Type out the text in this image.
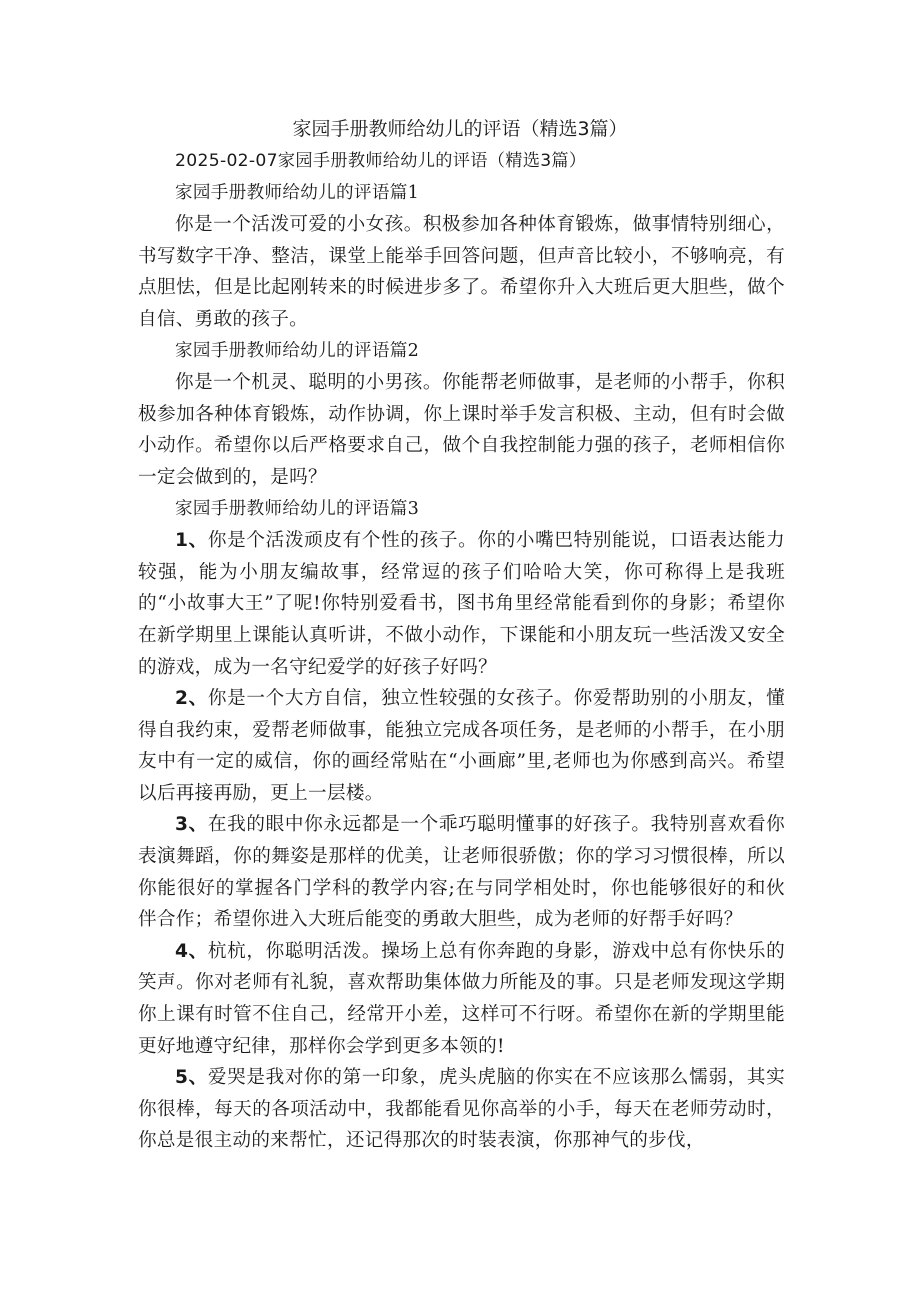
家园手册教师给幼儿的评语（精选3篇）

2025-02-07家园手册教师给幼儿的评语（精选3篇）

家园手册教师给幼儿的评语篇1

你是一个活泼可爱的小女孩。积极参加各种体育锻炼，做事情特别细心，书写数字干净、整洁，课堂上能举手回答问题，但声音比较小，不够响亮，有点胆怯，但是比起刚转来的时候进步多了。希望你升入大班后更大胆些，做个自信、勇敢的孩子。

家园手册教师给幼儿的评语篇2

你是一个机灵、聪明的小男孩。你能帮老师做事，是老师的小帮手，你积极参加各种体育锻炼，动作协调，你上课时举手发言积极、主动，但有时会做小动作。希望你以后严格要求自己，做个自我控制能力强的孩子，老师相信你一定会做到的，是吗？

家园手册教师给幼儿的评语篇3

1、你是个活泼顽皮有个性的孩子。你的小嘴巴特别能说，口语表达能力较强，能为小朋友编故事，经常逗的孩子们哈哈大笑，你可称得上是我班的“小故事大王”了呢!你特别爱看书，图书角里经常能看到你的身影；希望你在新学期里上课能认真听讲，不做小动作，下课能和小朋友玩一些活泼又安全的游戏，成为一名守纪爱学的好孩子好吗？

2、你是一个大方自信，独立性较强的女孩子。你爱帮助别的小朋友，懂得自我约束，爱帮老师做事，能独立完成各项任务，是老师的小帮手，在小朋友中有一定的威信，你的画经常贴在“小画廊”里,老师也为你感到高兴。希望以后再接再励，更上一层楼。

3、在我的眼中你永远都是一个乖巧聪明懂事的好孩子。我特别喜欢看你表演舞蹈，你的舞姿是那样的优美，让老师很骄傲；你的学习习惯很棒，所以你能很好的掌握各门学科的教学内容;在与同学相处时，你也能够很好的和伙伴合作；希望你进入大班后能变的勇敢大胆些，成为老师的好帮手好吗？

4、杭杭，你聪明活泼。操场上总有你奔跑的身影，游戏中总有你快乐的笑声。你对老师有礼貌，喜欢帮助集体做力所能及的事。只是老师发现这学期你上课有时管不住自己，经常开小差，这样可不行呀。希望你在新的学期里能更好地遵守纪律，那样你会学到更多本领的!

5、爱哭是我对你的第一印象，虎头虎脑的你实在不应该那么懦弱，其实你很棒，每天的各项活动中，我都能看见你高举的小手，每天在老师劳动时，你总是很主动的来帮忙，还记得那次的时装表演，你那神气的步伐，
